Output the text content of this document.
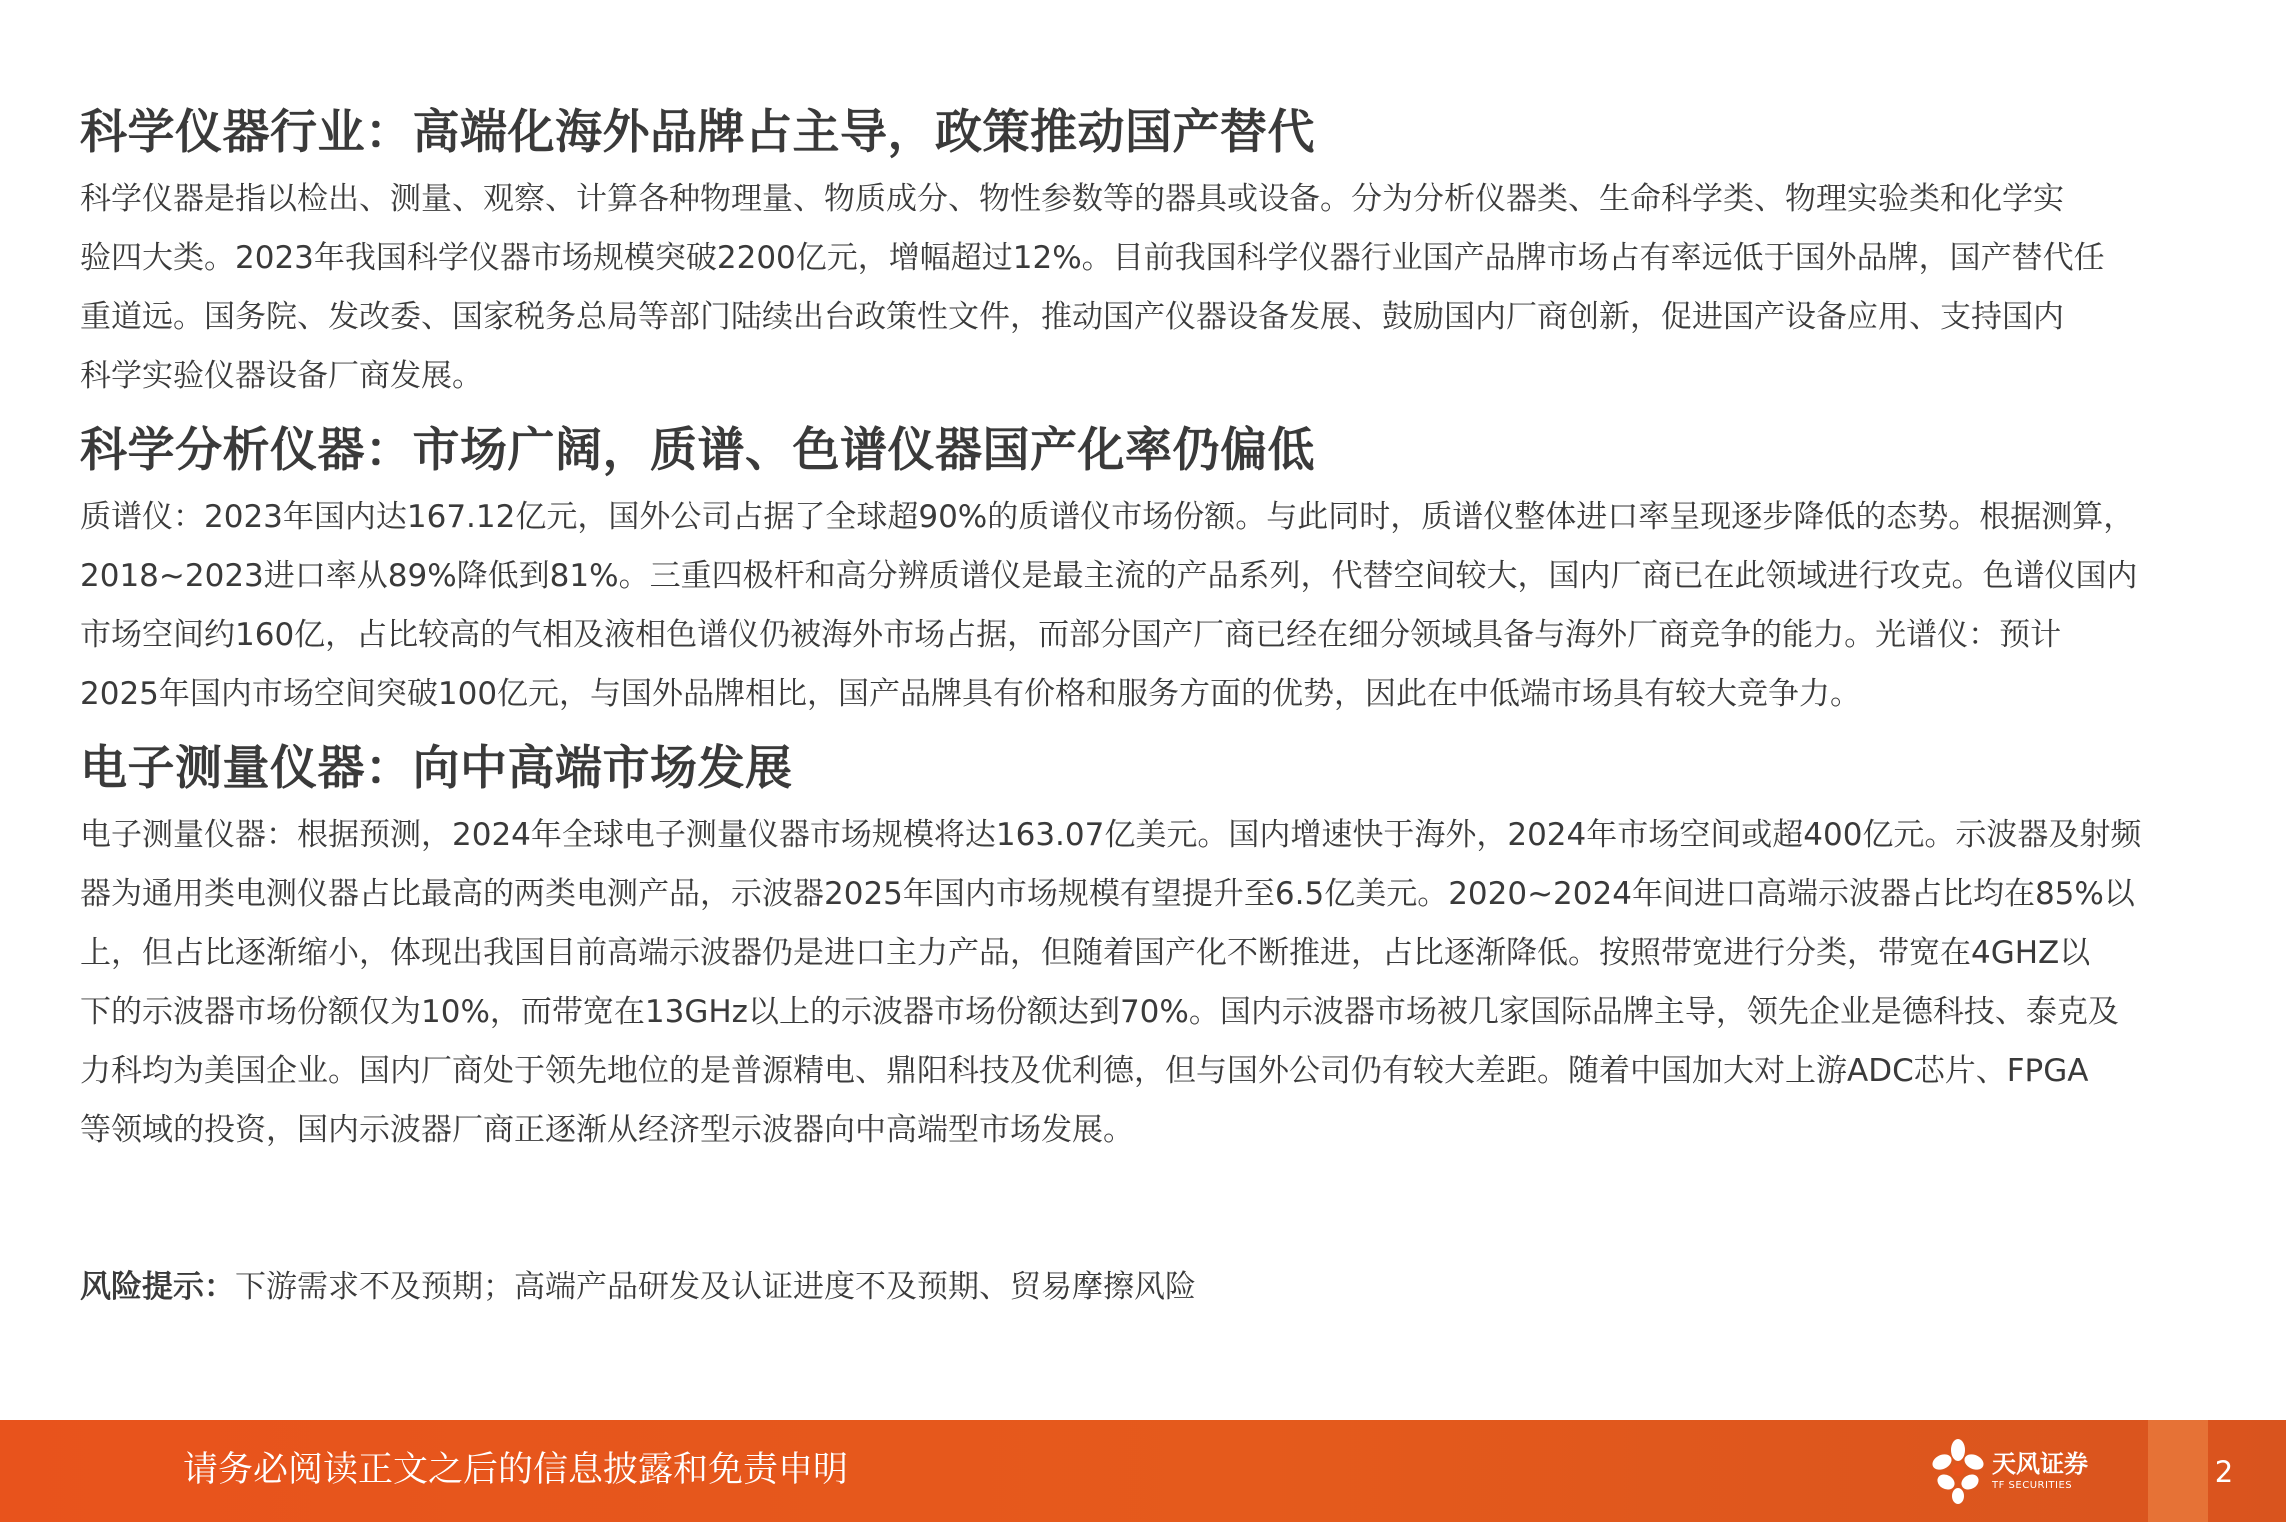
科学仪器行业：高端化海外品牌占主导，政策推动国产替代

科学仪器是指以检出、测量、观察、计算各种物理量、物质成分、物性参数等的器具或设备。分为分析仪器类、生命科学类、物理实验类和化学实

验四大类。2023年我国科学仪器市场规模突破2200亿元，增幅超过12%。目前我国科学仪器行业国产品牌市场占有率远低于国外品牌，国产替代任

重道远。国务院、发改委、国家税务总局等部门陆续出台政策性文件，推动国产仪器设备发展、鼓励国内厂商创新，促进国产设备应用、支持国内

科学实验仪器设备厂商发展。

科学分析仪器：市场广阔，质谱、色谱仪器国产化率仍偏低

质谱仪：2023年国内达167.12亿元，国外公司占据了全球超90%的质谱仪市场份额。与此同时，质谱仪整体进口率呈现逐步降低的态势。根据测算，

2018~2023进口率从89%降低到81%。三重四极杆和高分辨质谱仪是最主流的产品系列，代替空间较大，国内厂商已在此领域进行攻克。色谱仪国内

市场空间约160亿，占比较高的气相及液相色谱仪仍被海外市场占据，而部分国产厂商已经在细分领域具备与海外厂商竞争的能力。光谱仪：预计

2025年国内市场空间突破100亿元，与国外品牌相比，国产品牌具有价格和服务方面的优势，因此在中低端市场具有较大竞争力。

电子测量仪器：向中高端市场发展

电子测量仪器：根据预测，2024年全球电子测量仪器市场规模将达163.07亿美元。国内增速快于海外，2024年市场空间或超400亿元。示波器及射频

器为通用类电测仪器占比最高的两类电测产品，示波器2025年国内市场规模有望提升至6.5亿美元。2020~2024年间进口高端示波器占比均在85%以

上，但占比逐渐缩小，体现出我国目前高端示波器仍是进口主力产品，但随着国产化不断推进，占比逐渐降低。按照带宽进行分类，带宽在4GHZ以

下的示波器市场份额仅为10%，而带宽在13GHz以上的示波器市场份额达到70%。国内示波器市场被几家国际品牌主导，领先企业是德科技、泰克及

力科均为美国企业。国内厂商处于领先地位的是普源精电、鼎阳科技及优利德，但与国外公司仍有较大差距。随着中国加大对上游ADC芯片、FPGA

等领域的投资，国内示波器厂商正逐渐从经济型示波器向中高端型市场发展。

风险提示：下游需求不及预期；高端产品研发及认证进度不及预期、贸易摩擦风险
请务必阅读正文之后的信息披露和免责申明	天风证券
TF SECURITIES	2
